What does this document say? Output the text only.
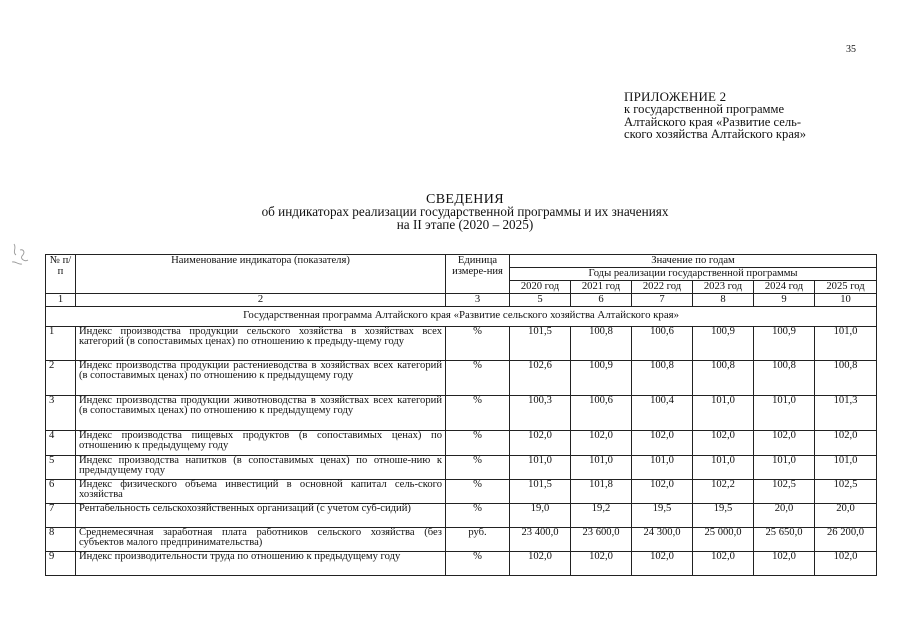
35
ПРИЛОЖЕНИЕ 2
к государственной программе
Алтайского края «Развитие сель-
ского хозяйства Алтайского края»
СВЕДЕНИЯ
об индикаторах реализации государственной программы и их значениях
на II этапе (2020 – 2025)
№ п/п	Наименование индикатора (показателя)	Единица измере-ния	Значение по годам					
			Годы реализации государственной программы					
			2020 год	2021 год	2022 год	2023 год	2024 год	2025 год
1	2	3	5	6	7	8	9	10
Государственная программа Алтайского края «Развитие сельского хозяйства Алтайского края»								
1	Индекс производства продукции сельского хозяйства в хозяйствах всех категорий (в сопоставимых ценах) по отношению к предыду-щему году	%	101,5	100,8	100,6	100,9	100,9	101,0
2	Индекс производства продукции растениеводства в хозяйствах всех категорий (в сопоставимых ценах) по отношению к предыдущему году	%	102,6	100,9	100,8	100,8	100,8	100,8
3	Индекс производства продукции животноводства в хозяйствах всех категорий (в сопоставимых ценах) по отношению к предыдущему году	%	100,3	100,6	100,4	101,0	101,0	101,3
4	Индекс производства пищевых продуктов (в сопоставимых ценах) по отношению к предыдущему году	%	102,0	102,0	102,0	102,0	102,0	102,0
5	Индекс производства напитков (в сопоставимых ценах) по отноше-нию к предыдущему году	%	101,0	101,0	101,0	101,0	101,0	101,0
6	Индекс физического объема инвестиций в основной капитал сель-ского хозяйства	%	101,5	101,8	102,0	102,2	102,5	102,5
7	Рентабельность сельскохозяйственных организаций (с учетом суб-сидий)	%	19,0	19,2	19,5	19,5	20,0	20,0
8	Среднемесячная заработная плата работников сельского хозяйства (без субъектов малого предпринимательства)	руб.	23 400,0	23 600,0	24 300,0	25 000,0	25 650,0	26 200,0
9	Индекс производительности труда по отношению к предыдущему году	%	102,0	102,0	102,0	102,0	102,0	102,0
